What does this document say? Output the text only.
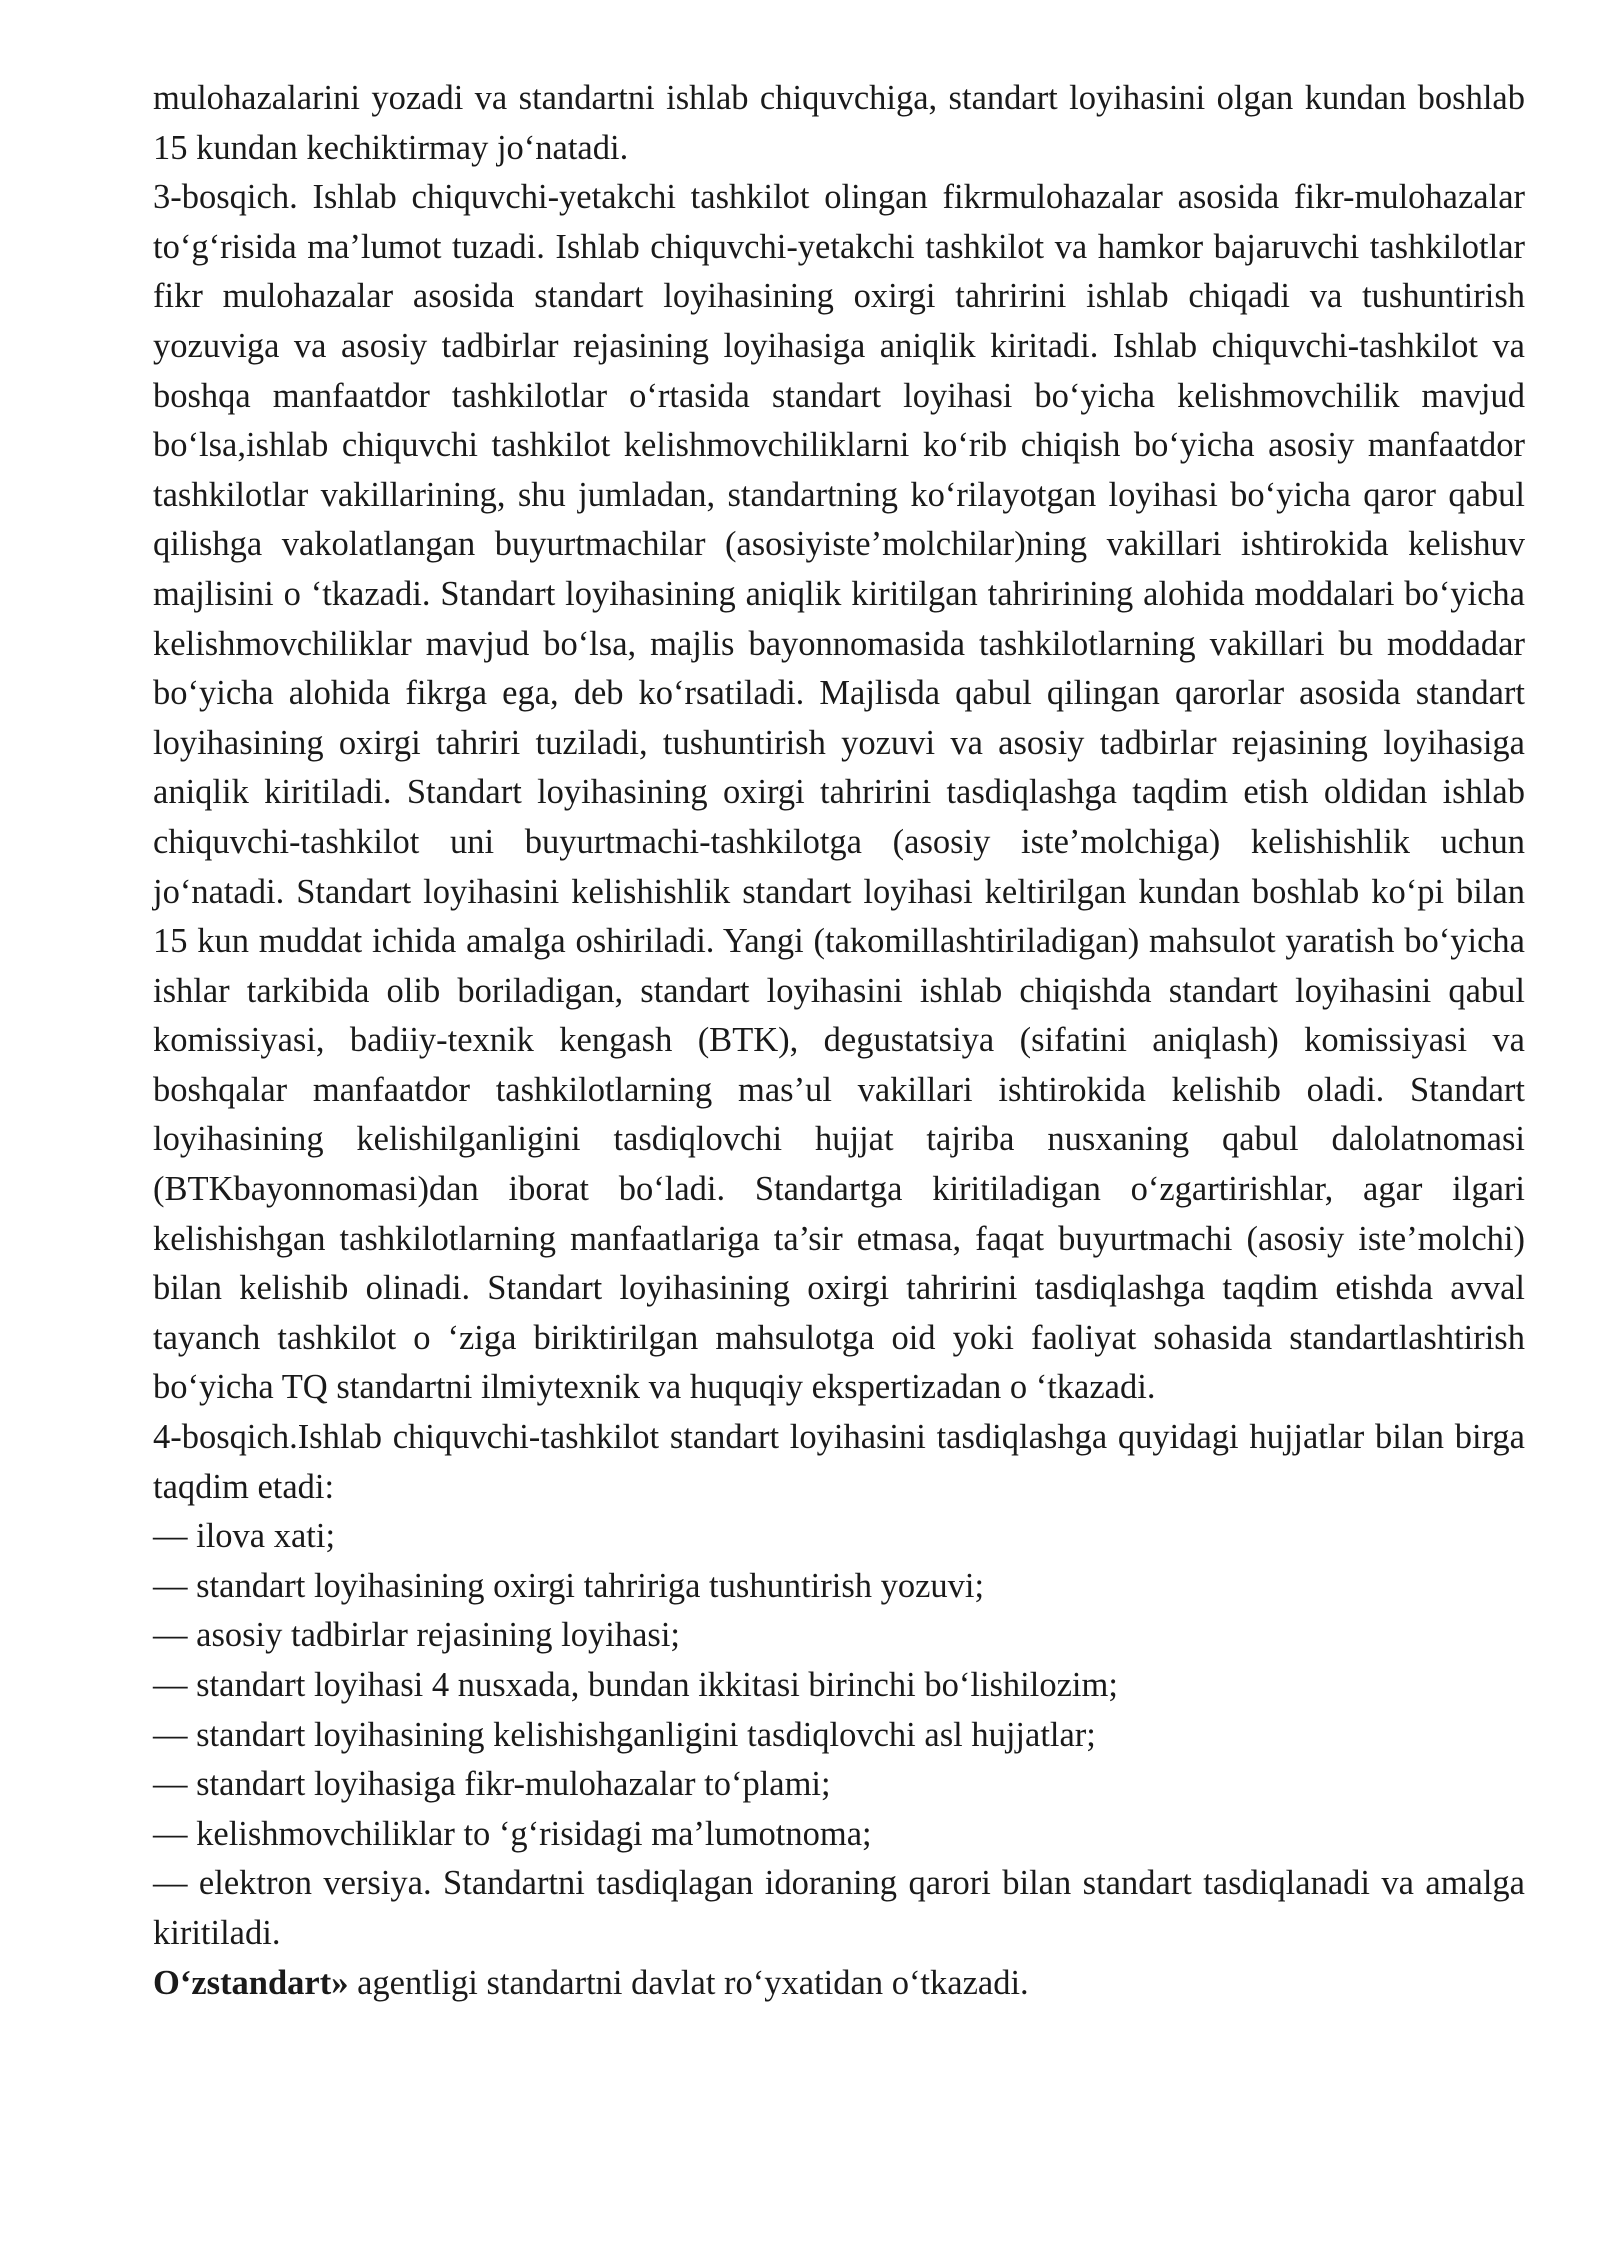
mulohazalarini yozadi va standartni ishlab chiquvchiga, standart loyihasini olgan kundan boshlab 15 kundan kechiktirmay jo‘natadi.

3-bosqich. Ishlab chiquvchi-yetakchi tashkilot olingan fikrmulohazalar asosida fikr-mulohazalar to‘g‘risida ma’lumot tuzadi. Ishlab chiquvchi-yetakchi tashkilot va hamkor bajaruvchi tashkilotlar fikr mulohazalar asosida standart loyihasining oxirgi tahririni ishlab chiqadi va tushuntirish yozuviga va asosiy tadbirlar rejasining loyihasiga aniqlik kiritadi. Ishlab chiquvchi-tashkilot va boshqa manfaatdor tashkilotlar o‘rtasida standart loyihasi bo‘yicha kelishmovchilik mavjud bo‘lsa,ishlab chiquvchi tashkilot kelishmovchiliklarni ko‘rib chiqish bo‘yicha asosiy manfaatdor tashkilotlar vakillarining, shu jumladan, standartning ko‘rilayotgan loyihasi bo‘yicha qaror qabul qilishga vakolatlangan buyurtmachilar (asosiyiste’molchilar)ning vakillari ishtirokida kelishuv majlisini o ‘tkazadi. Standart loyihasining aniqlik kiritilgan tahririning alohida moddalari bo‘yicha kelishmovchiliklar mavjud bo‘lsa, majlis bayonnomasida tashkilotlarning vakillari bu moddadar bo‘yicha alohida fikrga ega, deb ko‘rsatiladi. Majlisda qabul qilingan qarorlar asosida standart loyihasining oxirgi tahriri tuziladi, tushuntirish yozuvi va asosiy tadbirlar rejasining loyihasiga aniqlik kiritiladi. Standart loyihasining oxirgi tahririni tasdiqlashga taqdim etish oldidan ishlab chiquvchi-tashkilot uni buyurtmachi-tashkilotga (asosiy iste’molchiga) kelishishlik uchun jo‘natadi. Standart loyihasini kelishishlik standart loyihasi keltirilgan kundan boshlab ko‘pi bilan 15 kun muddat ichida amalga oshiriladi. Yangi (takomillashtiriladigan) mahsulot yaratish bo‘yicha ishlar tarkibida olib boriladigan, standart loyihasini ishlab chiqishda standart loyihasini qabul komissiyasi, badiiy-texnik kengash (BTK), degustatsiya (sifatini aniqlash) komissiyasi va boshqalar manfaatdor tashkilotlarning mas’ul vakillari ishtirokida kelishib oladi. Standart loyihasining kelishilganligini tasdiqlovchi hujjat tajriba nusxaning qabul dalolatnomasi (BTKbayonnomasi)dan iborat bo‘ladi. Standartga kiritiladigan o‘zgartirishlar, agar ilgari kelishishgan tashkilotlarning manfaatlariga ta’sir etmasa, faqat buyurtmachi (asosiy iste’molchi) bilan kelishib olinadi. Standart loyihasining oxirgi tahririni tasdiqlashga taqdim etishda avval tayanch tashkilot o ‘ziga biriktirilgan mahsulotga oid yoki faoliyat sohasida standartlashtirish bo‘yicha TQ standartni ilmiytexnik va huquqiy ekspertizadan o ‘tkazadi.

4-bosqich.Ishlab chiquvchi-tashkilot standart loyihasini tasdiqlashga quyidagi hujjatlar bilan birga taqdim etadi:

— ilova xati;
— standart loyihasining oxirgi tahririga tushuntirish yozuvi;
— asosiy tadbirlar rejasining loyihasi;
— standart loyihasi 4 nusxada, bundan ikkitasi birinchi bo‘lishilozim;
— standart loyihasining kelishishganligini tasdiqlovchi asl hujjatlar;
— standart loyihasiga fikr-mulohazalar to‘plami;
— kelishmovchiliklar to ‘g‘risidagi ma’lumotnoma;
— elektron versiya. Standartni tasdiqlagan idoraning qarori bilan standart tasdiqlanadi va amalga kiritiladi.

O‘zstandart» agentligi standartni davlat ro‘yxatidan o‘tkazadi.
